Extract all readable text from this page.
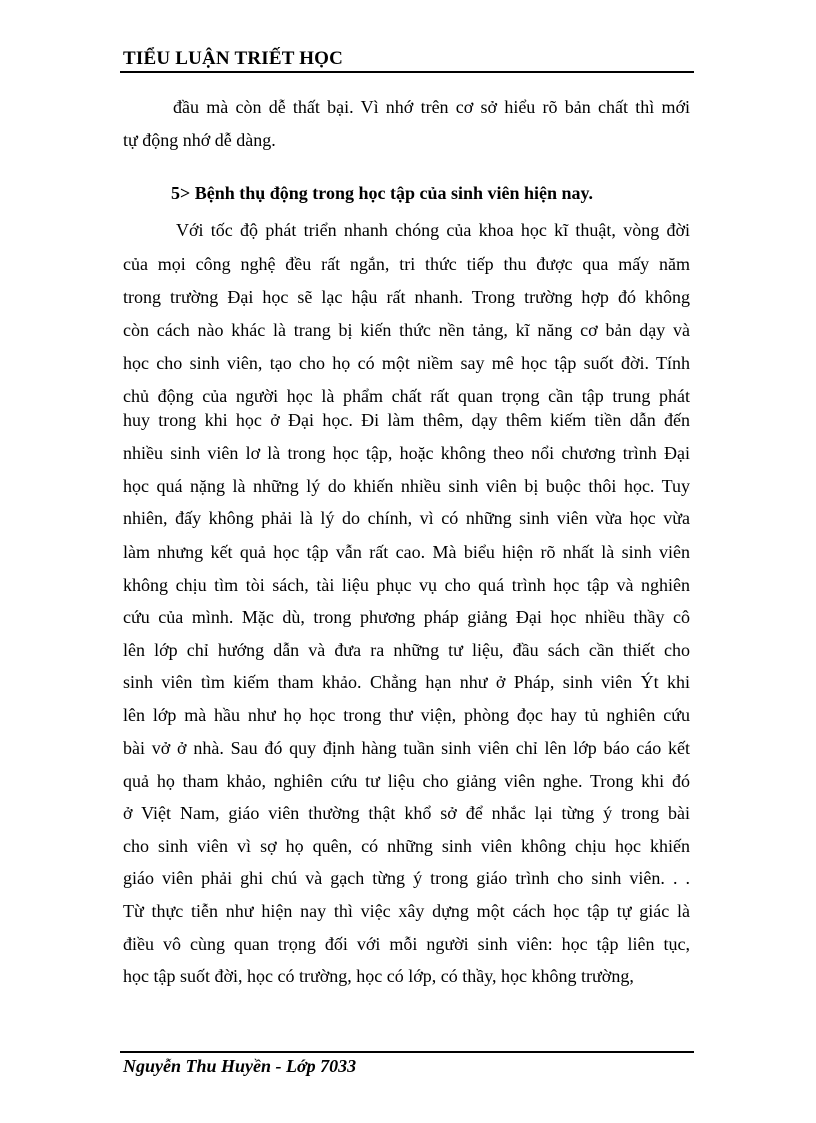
TIỂU LUẬN TRIẾT HỌC
đầu mà còn dễ thất bại. Vì nhớ trên cơ sở hiểu rõ bản chất thì mới
tự động nhớ dễ dàng.
5> Bệnh thụ động trong học tập của sinh viên hiện nay.
Với tốc độ phát triển nhanh chóng của khoa học kĩ thuật, vòng đời
của mọi công nghệ đều rất ngắn, tri thức tiếp thu được qua mấy năm
trong trường Đại học sẽ lạc hậu rất nhanh. Trong trường hợp đó không
còn cách nào khác là trang bị kiến thức nền tảng, kĩ năng cơ bản dạy và
học cho sinh viên, tạo cho họ có một niềm say mê học tập suốt đời. Tính
chủ động của người học là phẩm chất rất quan trọng cần tập trung phát
huy trong khi học ở Đại học. Đi làm thêm, dạy thêm kiếm tiền dẫn đến
nhiều sinh viên lơ là trong học tập, hoặc không theo nổi chương trình Đại
học quá nặng là những lý do khiến nhiều sinh viên bị buộc thôi học. Tuy
nhiên, đấy không phải là lý do chính, vì có những sinh viên vừa học vừa
làm nhưng kết quả học tập vẫn rất cao. Mà biểu hiện rõ nhất là sinh viên
không chịu tìm tòi sách, tài liệu phục vụ cho quá trình học tập và nghiên
cứu của mình. Mặc dù, trong phương pháp giảng Đại học nhiều thầy cô
lên lớp chỉ hướng dẫn và đưa ra những tư liệu, đầu sách cần thiết cho
sinh viên tìm kiếm tham khảo. Chẳng hạn như ở Pháp, sinh viên Ýt khi
lên lớp mà hầu như họ học trong thư viện, phòng đọc hay tủ nghiên cứu
bài vở ở nhà. Sau đó quy định hàng tuần sinh viên chỉ lên lớp báo cáo kết
quả họ tham khảo, nghiên cứu tư liệu cho giảng viên nghe. Trong khi đó
ở Việt Nam, giáo viên thường thật khổ sở để nhắc lại từng ý trong bài
cho sinh viên vì sợ họ quên, có những sinh viên không chịu học khiến
giáo viên phải ghi chú và gạch từng ý trong giáo trình cho sinh viên. . .
Từ thực tiễn như hiện nay thì việc xây dựng một cách học tập tự giác là
điều vô cùng quan trọng đối với mỗi người sinh viên: học tập liên tục,
học tập suốt đời, học có trường, học có lớp, có thầy, học không trường,
Nguyễn Thu Huyền - Lớp 7033
